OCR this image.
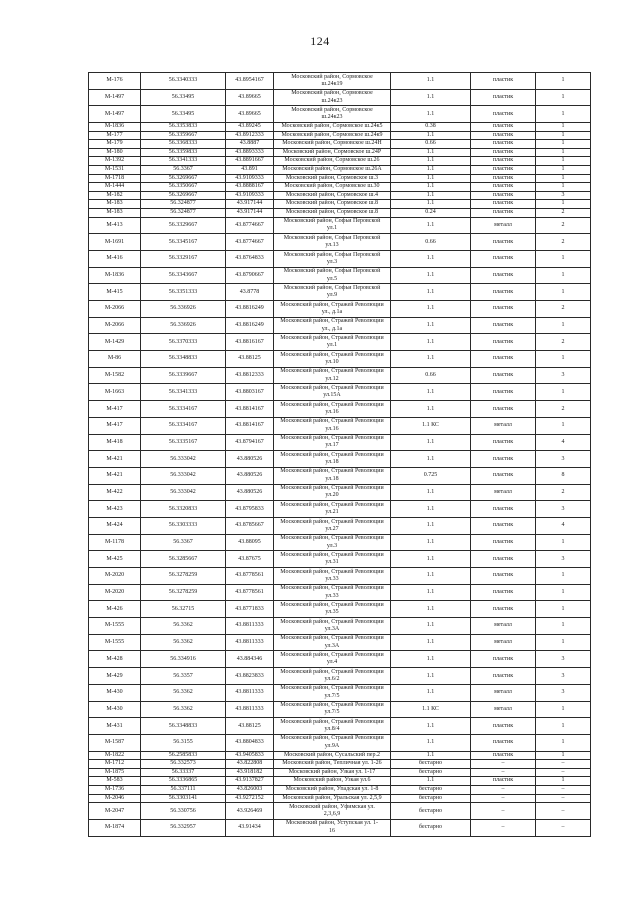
124
М-176	56.3340333	43.8954167	Московский район, Сормовское
ш.24к19	1.1	пластик	1
М-1497	56.33495	43.89665	Московский район, Сормовское
ш.24к23	1.1	пластик	1
М-1497	56.33495	43.89665	Московский район, Сормовское
ш.24к23	1.1	пластик	1
М-1836	56.3353833	43.89245	Московский район, Сормовское ш.24к5	0.38	пластик	1
М-177	56.3359667	43.8912333	Московский район, Сормовское ш.24к9	1.1	пластик	1
М-179	56.3368333	43.8887	Московский район, Сормовское ш.24Н	0.66	пластик	1
М-180	56.3359833	43.8893333	Московский район, Сормовское ш.24Р	1.1	пластик	1
М-1392	56.3341333	43.8891667	Московский район, Сормовское ш.26	1.1	пластик	1
М-1531	56.3367	43.891	Московский район, Сормовское ш.26А	1.1	пластик	1
М-1718	56.3269667	43.9109333	Московский район, Сормовское ш.3	1.1	пластик	1
М-1444	56.3350667	43.8888167	Московский район, Сормовское ш.30	1.1	пластик	1
М-182	56.3269667	43.9109333	Московский район, Сормовское ш.4	1.1	пластик	3
М-183	56.324877	43.917144	Московский район, Сормовское ш.8	1.1	пластик	1
М-183	56.324877	43.917144	Московский район, Сормовское ш.8	0.24	пластик	2
М-413	56.3329667	43.8774667	Московский район, Софьи Перовской
ул.1	1.1	металл	2
М-1691	56.3345167	43.8774667	Московский район, Софьи Перовской
ул.13	0.66	пластик	2
М-416	56.3329167	43.8764833	Московский район, Софьи Перовской
ул.3	1.1	пластик	1
М-1836	56.3343667	43.8790667	Московский район, Софьи Перовской
ул.5	1.1	пластик	1
М-415	56.3351333	43.8778	Московский район, Софьи Перовской
ул.9	1.1	пластик	1
М-2066	56.336926	43.8816249	Московский район, Стражей Революции
ул., д.1а	1.1	пластик	2
М-2066	56.336926	43.8816249	Московский район, Стражей Революции
ул., д.1а	1.1	пластик	1
М-1429	56.3370333	43.8816167	Московский район, Стражей Революции
ул.1	1.1	пластик	2
М-86	56.3348833	43.88125	Московский район, Стражей Революции
ул.10	1.1	пластик	1
М-1582	56.3339667	43.8812333	Московский район, Стражей Революции
ул.12	0.66	пластик	3
М-1663	56.3341333	43.8803167	Московский район, Стражей Революции
ул.15А	1.1	пластик	1
М-417	56.3334167	43.8814167	Московский район, Стражей Революции
ул.16	1.1	пластик	2
М-417	56.3334167	43.8814167	Московский район, Стражей Революции
ул.16	1.1 КС	металл	1
М-418	56.3335167	43.8794167	Московский район, Стражей Революции
ул.17	1.1	пластик	4
М-421	56.333042	43.880526	Московский район, Стражей Революции
ул.18	1.1	пластик	3
М-421	56.333042	43.880526	Московский район, Стражей Революции
ул.18	0.725	пластик	8
М-422	56.333042	43.880526	Московский район, Стражей Революции
ул.20	1.1	металл	2
М-423	56.3320833	43.8795833	Московский район, Стражей Революции
ул.21	1.1	пластик	3
М-424	56.3303333	43.8785667	Московский район, Стражей Революции
ул.27	1.1	пластик	4
М-1178	56.3367	43.88095	Московский район, Стражей Революции
ул.3	1.1	пластик	1
М-425	56.3285667	43.87675	Московский район, Стражей Революции
ул.31	1.1	пластик	3
М-2020	56.3278259	43.8778561	Московский район, Стражей Революции
ул.33	1.1	пластик	1
М-2020	56.3278259	43.8778561	Московский район, Стражей Революции
ул.33	1.1	пластик	1
М-426	56.32715	43.8771833	Московский район, Стражей Революции
ул.35	1.1	пластик	1
М-1555	56.3362	43.8811333	Московский район, Стражей Революции
ул.3А	1.1	металл	1
М-1555	56.3362	43.8811333	Московский район, Стражей Революции
ул.3А	1.1	металл	1
М-428	56.334916	43.884346	Московский район, Стражей Революции
ул.4	1.1	пластик	3
М-429	56.3357	43.8823833	Московский район, Стражей Революции
ул.6/2	1.1	пластик	3
М-430	56.3362	43.8811333	Московский район, Стражей Революции
ул.7/5	1.1	металл	3
М-430	56.3362	43.8811333	Московский район, Стражей Революции
ул.7/5	1.1 КС	металл	1
М-431	56.3348833	43.88125	Московский район, Стражей Революции
ул.8/4	1.1	пластик	1
М-1587	56.3155	43.8804833	Московский район, Стражей Революции
ул.9А	1.1	пластик	1
М-1822	56.2585833	43.9405833	Московский район, Сусальский пер.2	1.1	пластик	1
М-1712	56.332573	43.822808	Московский район, Тепличная ул. 1-26	бестарно	–	–
М-1875	56.33337	43.918182	Московский район, Узкая ул. 1-17	бестарно	–	–
М-583	56.3336865	43.9137827	Московский район, Узкая ул.6	1.1	пластик	1
М-1736	56.337111	43.826003	Московский район, Упадская ул. 1-8	бестарно	–	–
М-2046	56.3303141	43.9272152	Московский район, Уральская ул. 2,5,9	бестарно	–	–
М-2047	56.330756	43.926469	Московский район, Уфимская ул.
2,3,6,9	бестарно	–	–
М-1874	56.332957	43.91434	Московский район, Уступская ул. 1-
16	бестарно	–	–
